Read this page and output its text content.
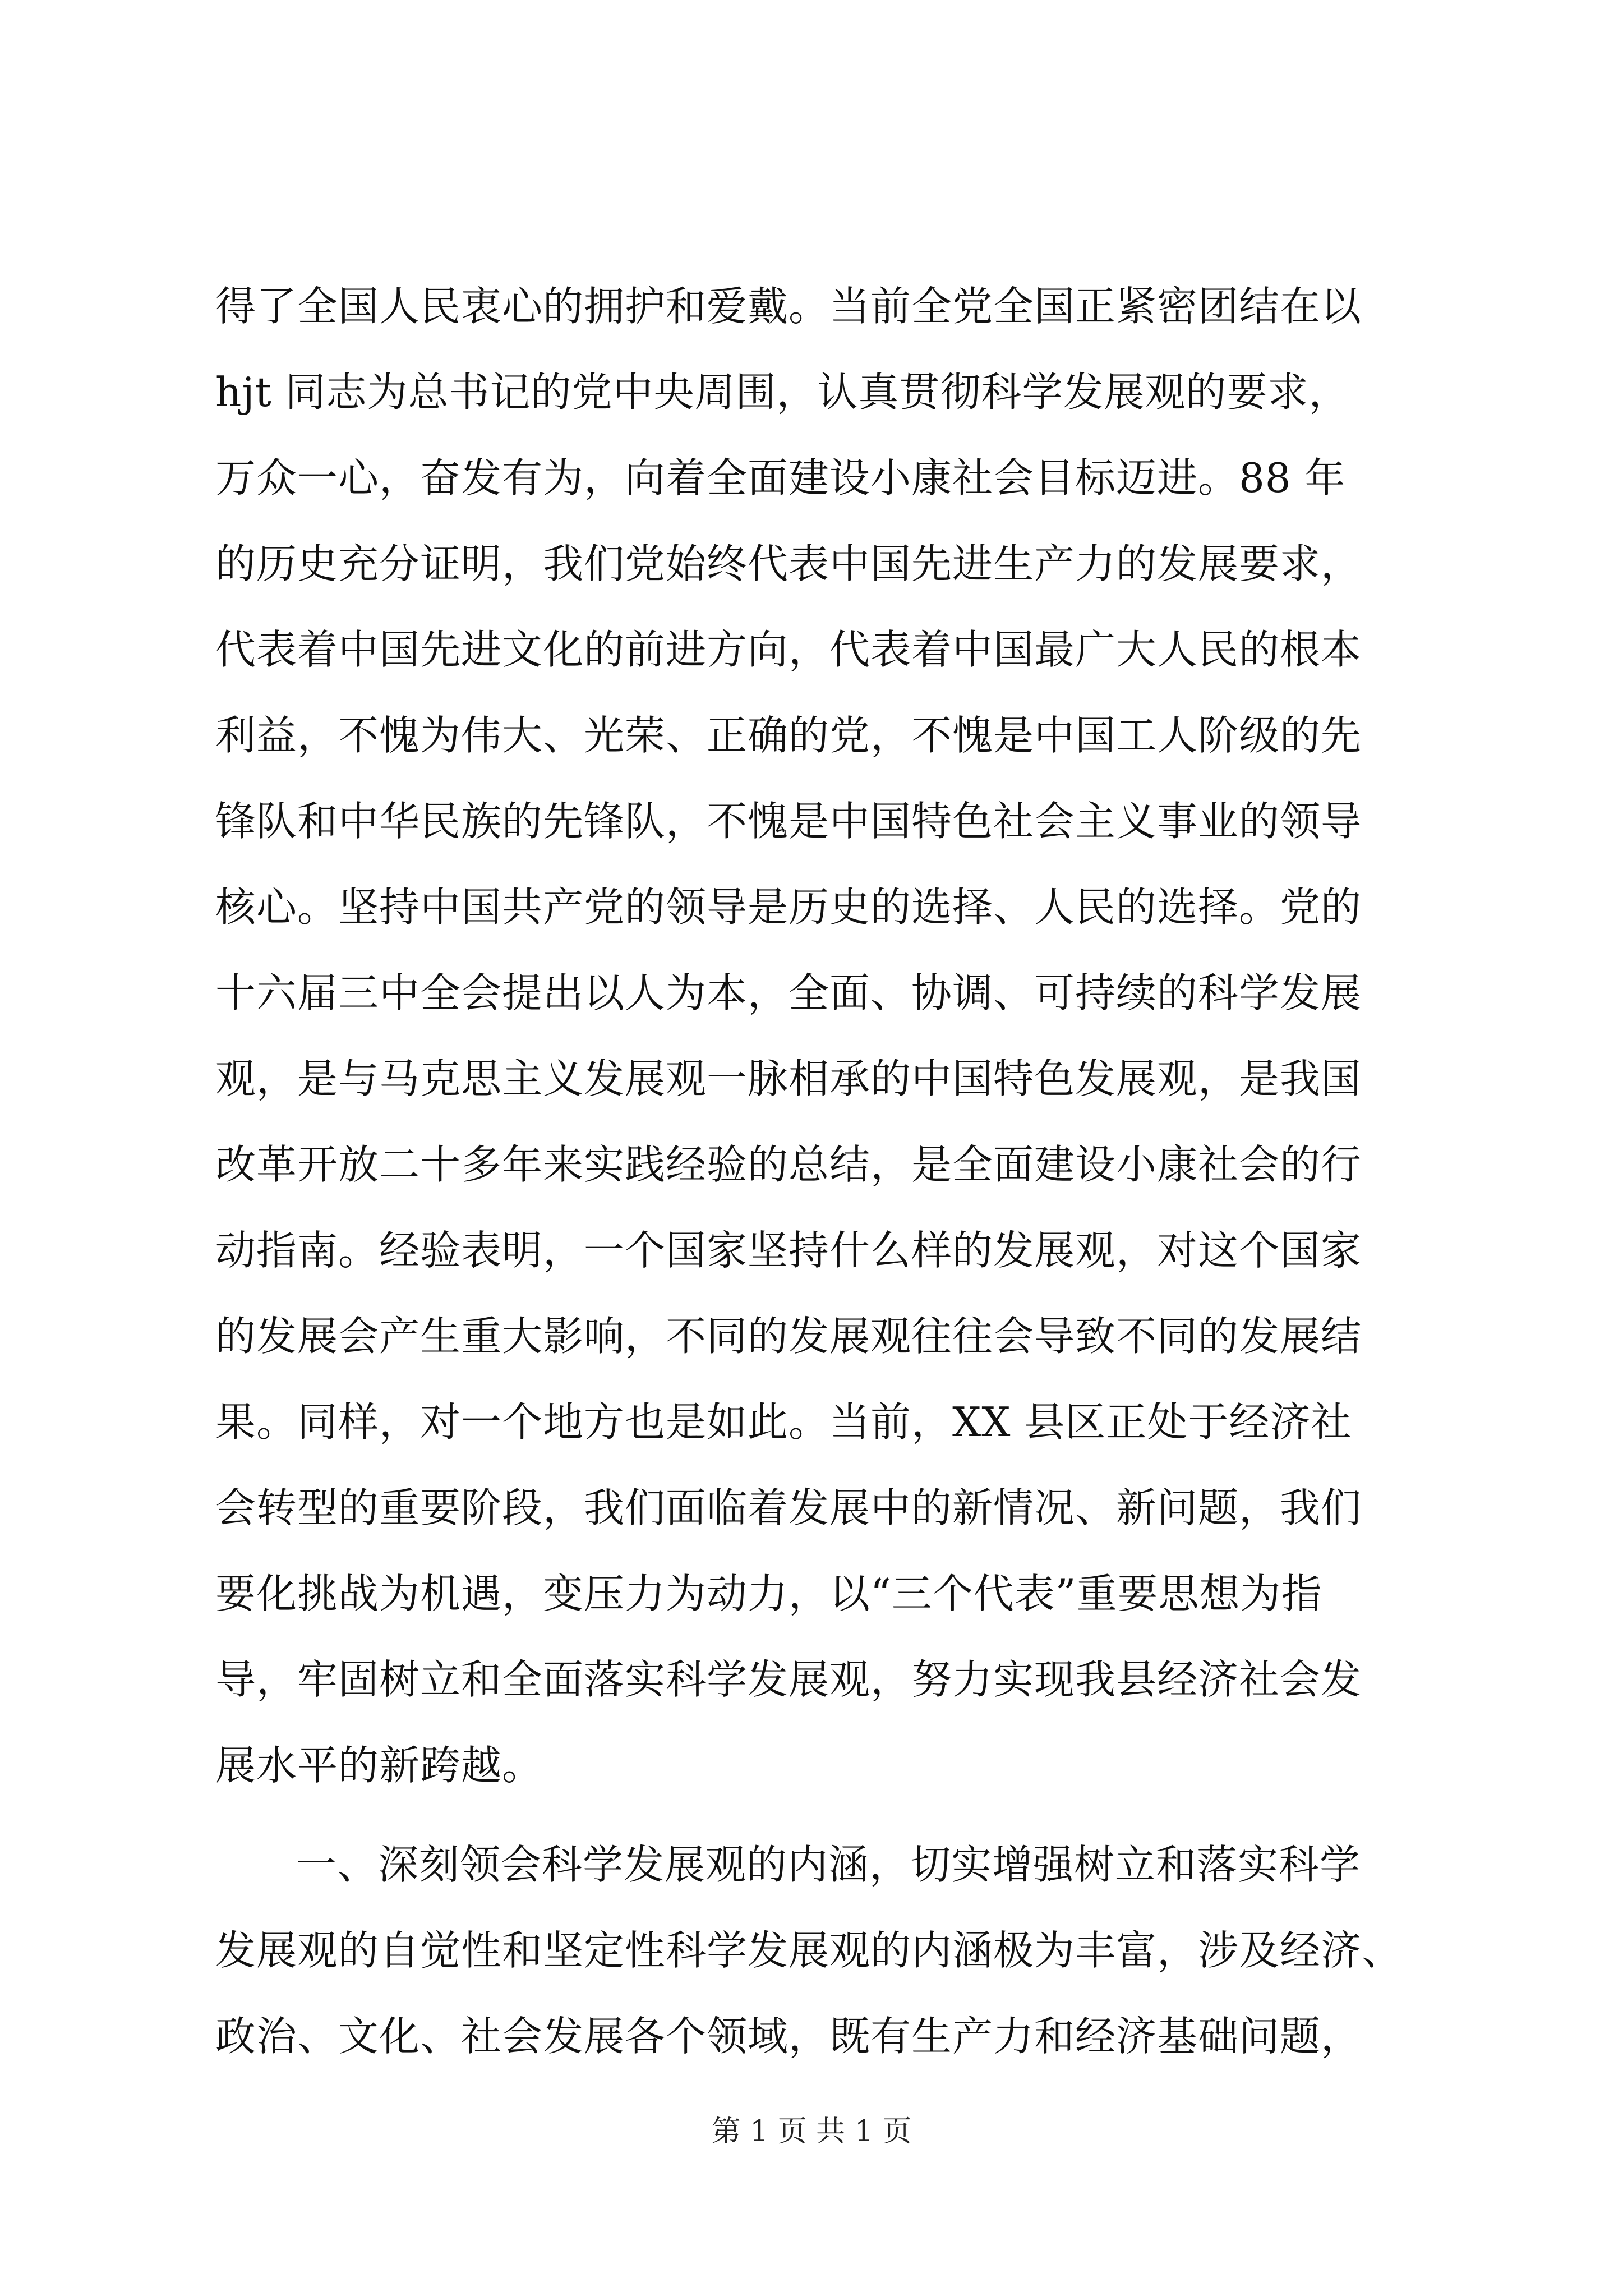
得了全国人民衷心的拥护和爱戴。当前全党全国正紧密团结在以
hjt 同志为总书记的党中央周围，认真贯彻科学发展观的要求，
万众一心，奋发有为，向着全面建设小康社会目标迈进。88 年
的历史充分证明，我们党始终代表中国先进生产力的发展要求，
代表着中国先进文化的前进方向，代表着中国最广大人民的根本
利益，不愧为伟大、光荣、正确的党，不愧是中国工人阶级的先
锋队和中华民族的先锋队，不愧是中国特色社会主义事业的领导
核心。坚持中国共产党的领导是历史的选择、人民的选择。党的
十六届三中全会提出以人为本，全面、协调、可持续的科学发展
观，是与马克思主义发展观一脉相承的中国特色发展观，是我国
改革开放二十多年来实践经验的总结，是全面建设小康社会的行
动指南。经验表明，一个国家坚持什么样的发展观，对这个国家
的发展会产生重大影响，不同的发展观往往会导致不同的发展结
果。同样，对一个地方也是如此。当前，XX 县区正处于经济社
会转型的重要阶段，我们面临着发展中的新情况、新问题，我们
要化挑战为机遇，变压力为动力，以“三个代表”重要思想为指
导，牢固树立和全面落实科学发展观，努力实现我县经济社会发
展水平的新跨越。
一、深刻领会科学发展观的内涵，切实增强树立和落实科学
发展观的自觉性和坚定性科学发展观的内涵极为丰富，涉及经济、
政治、文化、社会发展各个领域，既有生产力和经济基础问题，
第 1 页 共 1 页
